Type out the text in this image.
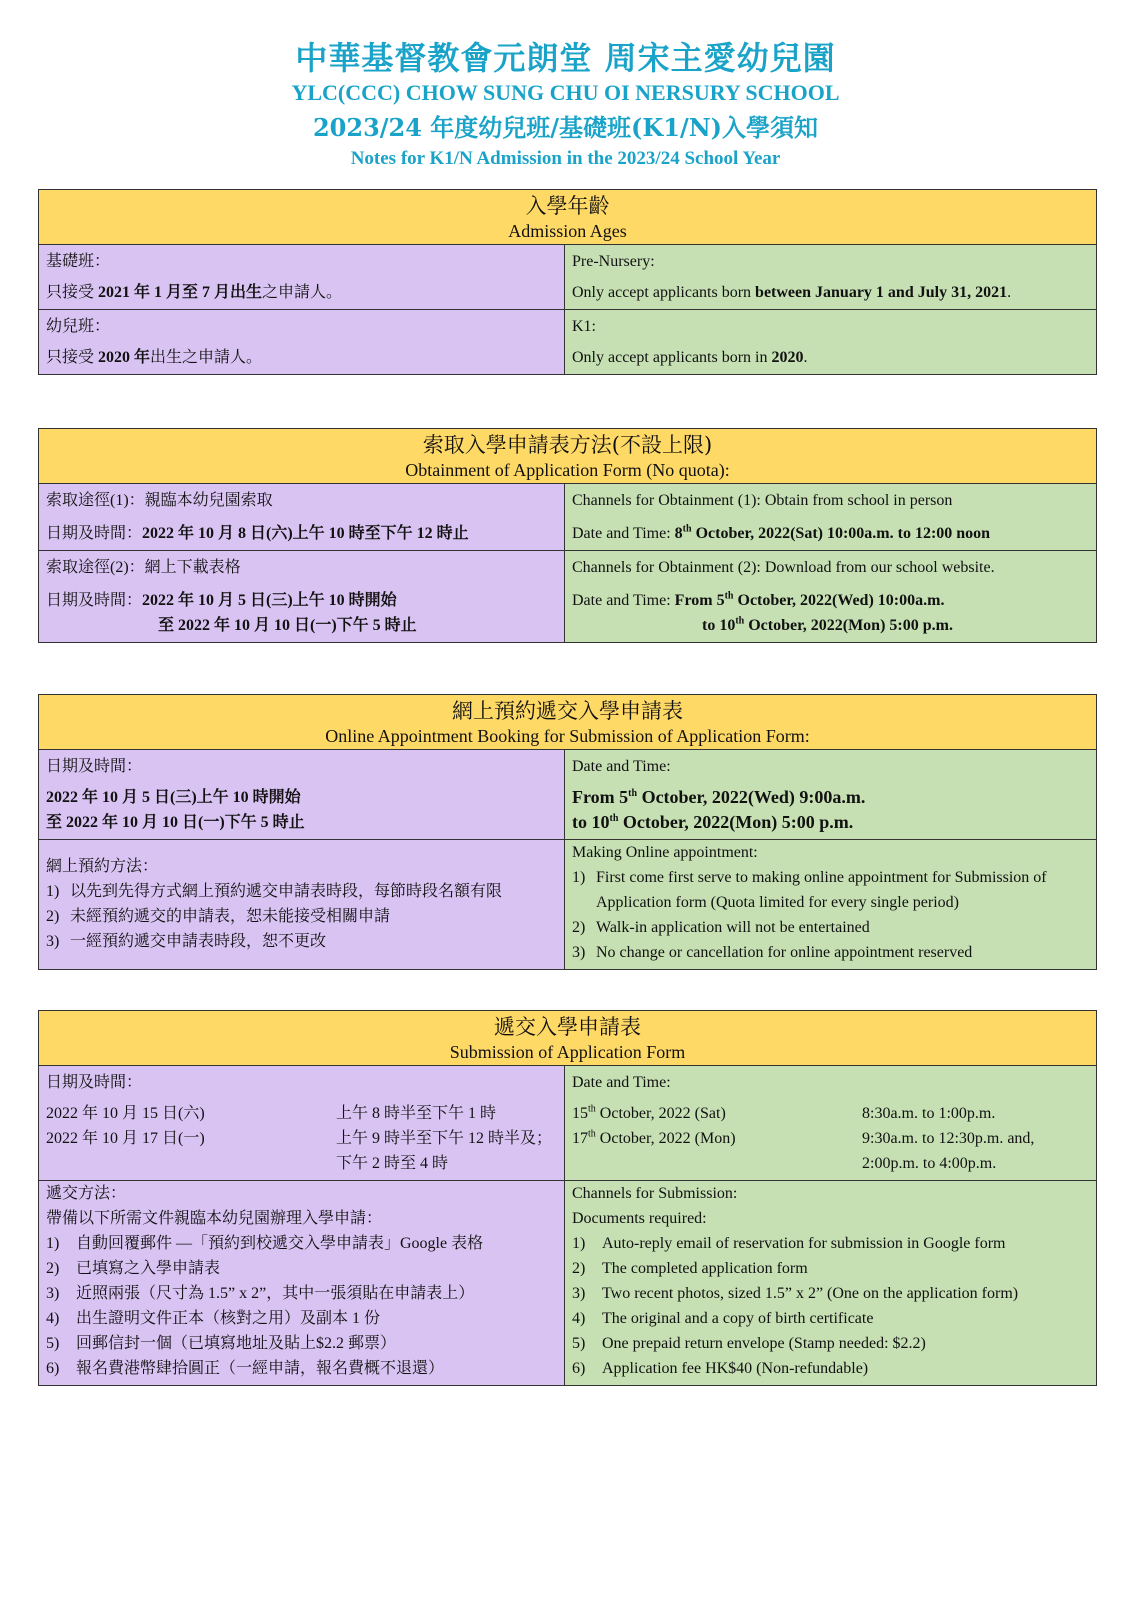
中華基督教會元朗堂 周宋主愛幼兒園
YLC(CCC) CHOW SUNG CHU OI NERSURY SCHOOL
2023/24 年度幼兒班/基礎班(K1/N)入學須知
Notes for K1/N Admission in the 2023/24 School Year
入學年齡
Admission Ages
基礎班：
只接受 2021 年 1 月至 7 月出生之申請人。
Pre-Nursery:
Only accept applicants born between January 1 and July 31, 2021.
幼兒班：
只接受 2020 年出生之申請人。
K1:
Only accept applicants born in 2020.
索取入學申請表方法(不設上限)
Obtainment of Application Form (No quota):
索取途徑(1)：親臨本幼兒園索取
日期及時間：2022 年 10 月 8 日(六)上午 10 時至下午 12 時止
Channels for Obtainment (1): Obtain from school in person
Date and Time: 8th October, 2022(Sat) 10:00a.m. to 12:00 noon
索取途徑(2)：網上下載表格
日期及時間：2022 年 10 月 5 日(三)上午 10 時開始
至 2022 年 10 月 10 日(一)下午 5 時止
Channels for Obtainment (2): Download from our school website.
Date and Time: From 5th October, 2022(Wed) 10:00a.m.
to 10th October, 2022(Mon) 5:00 p.m.
網上預約遞交入學申請表
Online Appointment Booking for Submission of Application Form:
日期及時間：
2022 年 10 月 5 日(三)上午 10 時開始
至 2022 年 10 月 10 日(一)下午 5 時止
Date and Time:
From 5th October, 2022(Wed) 9:00a.m.
to 10th October, 2022(Mon) 5:00 p.m.
網上預約方法：
1) 以先到先得方式網上預約遞交申請表時段，每節時段名額有限
2) 未經預約遞交的申請表，恕未能接受相關申請
3) 一經預約遞交申請表時段，恕不更改
Making Online appointment:
1) First come first serve to making online appointment for Submission of Application form (Quota limited for every single period)
2) Walk-in application will not be entertained
3) No change or cancellation for online appointment reserved
遞交入學申請表
Submission of Application Form
日期及時間：
2022 年 10 月 15 日(六)	上午 8 時半至下午 1 時
2022 年 10 月 17 日(一)	上午 9 時半至下午 12 時半及；下午 2 時至 4 時
Date and Time:
15th October, 2022 (Sat)	8:30a.m. to 1:00p.m.
17th October, 2022 (Mon)	9:30a.m. to 12:30p.m. and,
2:00p.m. to 4:00p.m.
遞交方法：
帶備以下所需文件親臨本幼兒園辦理入學申請：
1)	自動回覆郵件 —「預約到校遞交入學申請表」Google 表格
2)	已填寫之入學申請表
3)	近照兩張（尺寸為 1.5” x 2”，其中一張須貼在申請表上）
4)	出生證明文件正本（核對之用）及副本 1 份
5)	回郵信封一個（已填寫地址及貼上$2.2 郵票）
6)	報名費港幣肆拾圓正（一經申請，報名費概不退還）
Channels for Submission:
Documents required:
1)	Auto-reply email of reservation for submission in Google form
2)	The completed application form
3)	Two recent photos, sized 1.5” x 2” (One on the application form)
4)	The original and a copy of birth certificate
5)	One prepaid return envelope (Stamp needed: $2.2)
6)	Application fee HK$40 (Non-refundable)
